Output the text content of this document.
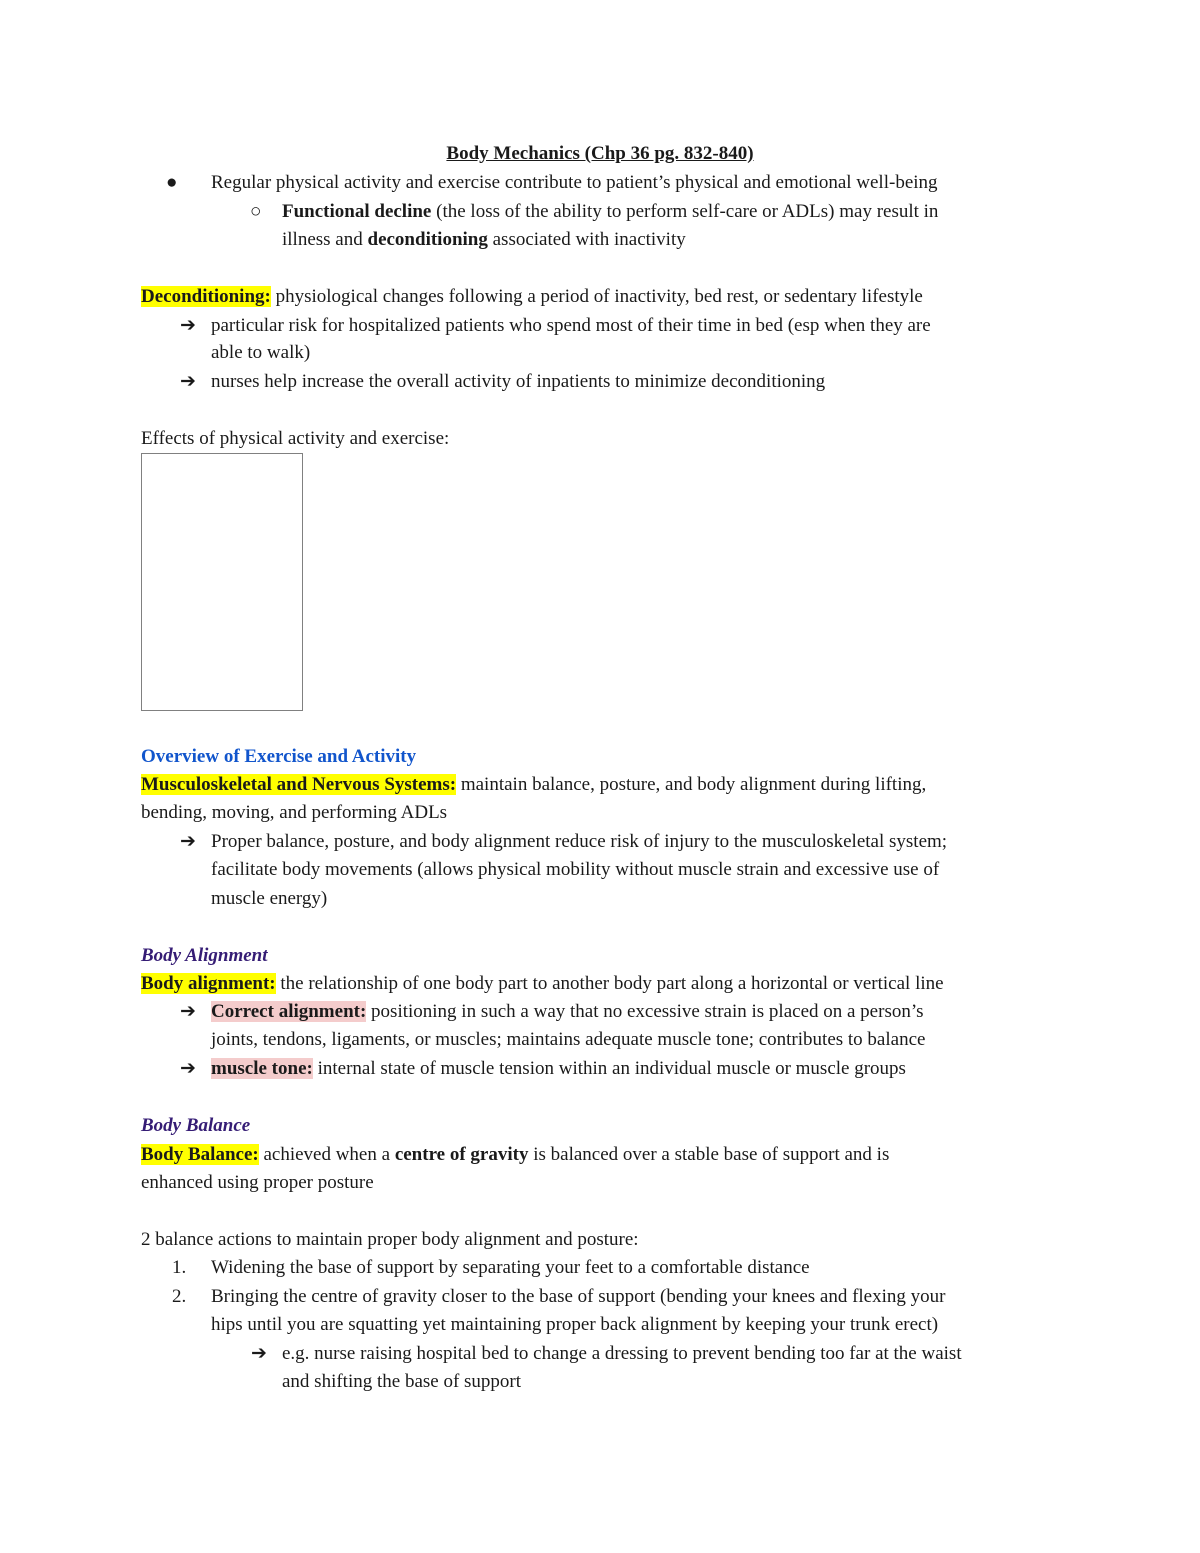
Body Mechanics (Chp 36 pg. 832-840)
● Regular physical activity and exercise contribute to patient’s physical and emotional well-being
○ Functional decline (the loss of the ability to perform self-care or ADLs) may result in
illness and deconditioning associated with inactivity
Deconditioning: physiological changes following a period of inactivity, bed rest, or sedentary lifestyle
➔ particular risk for hospitalized patients who spend most of their time in bed (esp when they are
able to walk)
➔ nurses help increase the overall activity of inpatients to minimize deconditioning
Effects of physical activity and exercise:
Overview of Exercise and Activity
Musculoskeletal and Nervous Systems: maintain balance, posture, and body alignment during lifting,
bending, moving, and performing ADLs
➔ Proper balance, posture, and body alignment reduce risk of injury to the musculoskeletal system;
facilitate body movements (allows physical mobility without muscle strain and excessive use of
muscle energy)
Body Alignment
Body alignment: the relationship of one body part to another body part along a horizontal or vertical line
➔ Correct alignment: positioning in such a way that no excessive strain is placed on a person’s
joints, tendons, ligaments, or muscles; maintains adequate muscle tone; contributes to balance
➔ muscle tone: internal state of muscle tension within an individual muscle or muscle groups
Body Balance
Body Balance: achieved when a centre of gravity is balanced over a stable base of support and is
enhanced using proper posture
2 balance actions to maintain proper body alignment and posture:
1. Widening the base of support by separating your feet to a comfortable distance
2. Bringing the centre of gravity closer to the base of support (bending your knees and flexing your
hips until you are squatting yet maintaining proper back alignment by keeping your trunk erect)
➔ e.g. nurse raising hospital bed to change a dressing to prevent bending too far at the waist
and shifting the base of support
